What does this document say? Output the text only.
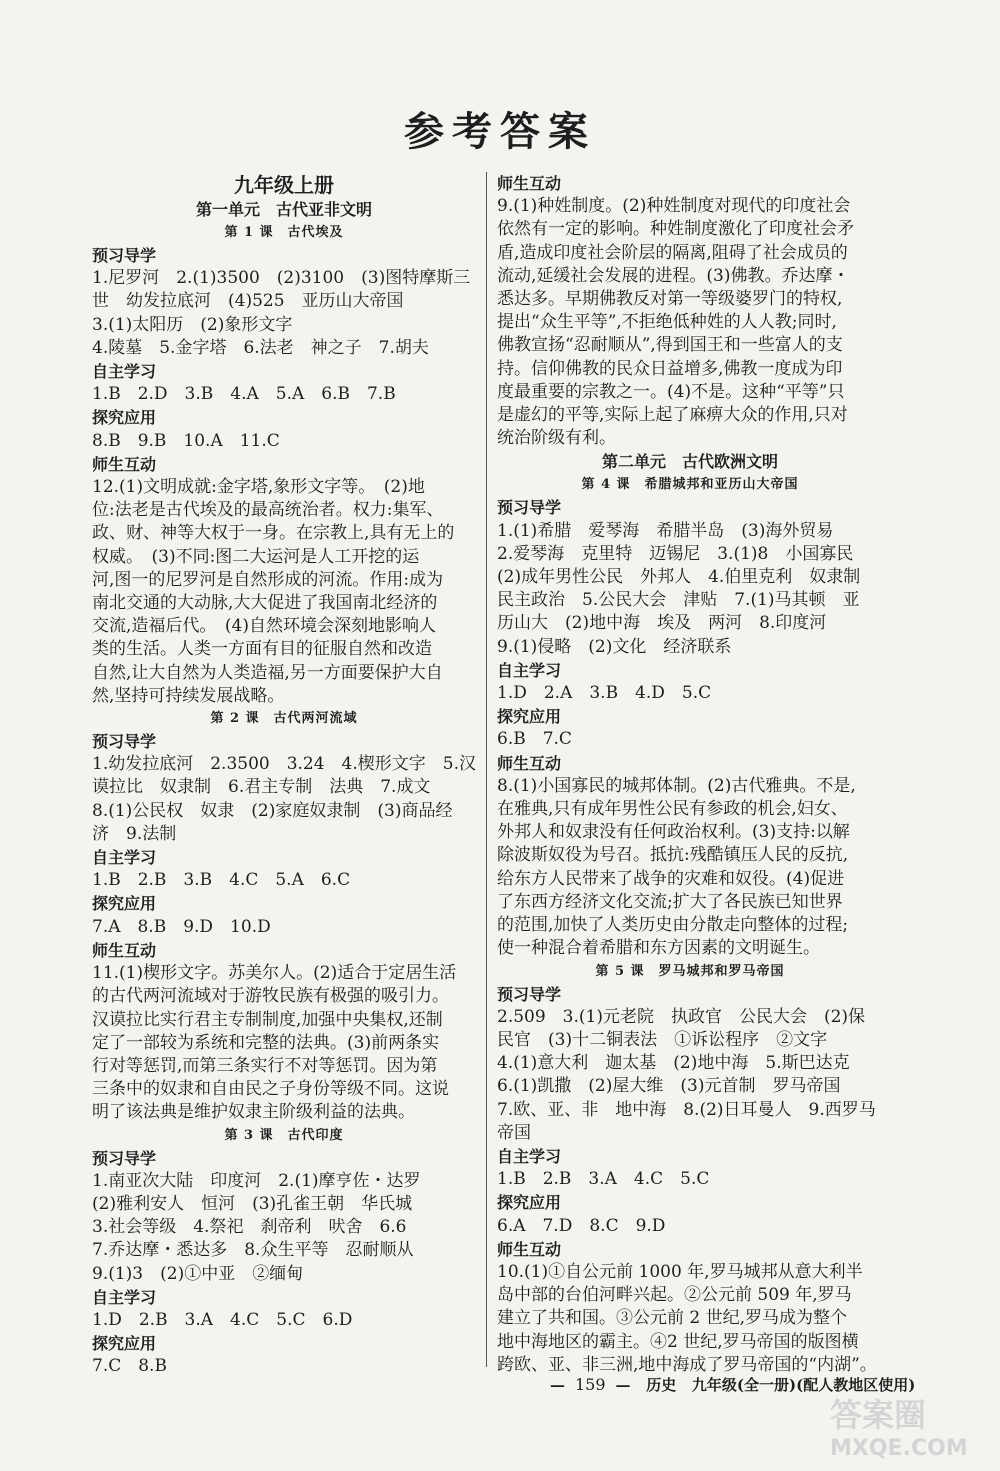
参考答案
九年级上册
第一单元　古代亚非文明
第 1 课　古代埃及
预习导学
1.尼罗河　2.(1)3500　(2)3100　(3)图特摩斯三
世　幼发拉底河　(4)525　亚历山大帝国
3.(1)太阳历　(2)象形文字
4.陵墓　5.金字塔　6.法老　神之子　7.胡夫
自主学习
1.B　2.D　3.B　4.A　5.A　6.B　7.B
探究应用
8.B　9.B　10.A　11.C
师生互动
12.(1)文明成就:金字塔,象形文字等。　(2)地
位:法老是古代埃及的最高统治者。权力:集军、
政、财、神等大权于一身。在宗教上,具有无上的
权威。　(3)不同:图二大运河是人工开挖的运
河,图一的尼罗河是自然形成的河流。作用:成为
南北交通的大动脉,大大促进了我国南北经济的
交流,造福后代。　(4)自然环境会深刻地影响人
类的生活。人类一方面有目的征服自然和改造
自然,让大自然为人类造福,另一方面要保护大自
然,坚持可持续发展战略。
第 2 课　古代两河流域
预习导学
1.幼发拉底河　2.3500　3.24　4.楔形文字　5.汉
谟拉比　奴隶制　6.君主专制　法典　7.成文
8.(1)公民权　奴隶　(2)家庭奴隶制　(3)商品经
济　9.法制
自主学习
1.B　2.B　3.B　4.C　5.A　6.C
探究应用
7.A　8.B　9.D　10.D
师生互动
11.(1)楔形文字。苏美尔人。(2)适合于定居生活
的古代两河流域对于游牧民族有极强的吸引力。
汉谟拉比实行君主专制制度,加强中央集权,还制
定了一部较为系统和完整的法典。(3)前两条实
行对等惩罚,而第三条实行不对等惩罚。因为第
三条中的奴隶和自由民之子身份等级不同。这说
明了该法典是维护奴隶主阶级利益的法典。
第 3 课　古代印度
预习导学
1.南亚次大陆　印度河　2.(1)摩亨佐・达罗
(2)雅利安人　恒河　(3)孔雀王朝　华氏城
3.社会等级　4.祭祀　刹帝利　吠舍　6.6
7.乔达摩・悉达多　8.众生平等　忍耐顺从
9.(1)3　(2)①中亚　②缅甸
自主学习
1.D　2.B　3.A　4.C　5.C　6.D
探究应用
7.C　8.B
师生互动
9.(1)种姓制度。(2)种姓制度对现代的印度社会
依然有一定的影响。种姓制度激化了印度社会矛
盾,造成印度社会阶层的隔离,阻碍了社会成员的
流动,延缓社会发展的进程。(3)佛教。乔达摩・
悉达多。早期佛教反对第一等级婆罗门的特权,
提出“众生平等”,不拒绝低种姓的人人教;同时,
佛教宣扬“忍耐顺从”,得到国王和一些富人的支
持。信仰佛教的民众日益增多,佛教一度成为印
度最重要的宗教之一。(4)不是。这种“平等”只
是虚幻的平等,实际上起了麻痹大众的作用,只对
统治阶级有利。
第二单元　古代欧洲文明
第 4 课　希腊城邦和亚历山大帝国
预习导学
1.(1)希腊　爱琴海　希腊半岛　(3)海外贸易
2.爱琴海　克里特　迈锡尼　3.(1)8　小国寡民
(2)成年男性公民　外邦人　4.伯里克利　奴隶制
民主政治　5.公民大会　津贴　7.(1)马其顿　亚
历山大　(2)地中海　埃及　两河　8.印度河
9.(1)侵略　(2)文化　经济联系
自主学习
1.D　2.A　3.B　4.D　5.C
探究应用
6.B　7.C
师生互动
8.(1)小国寡民的城邦体制。(2)古代雅典。不是,
在雅典,只有成年男性公民有参政的机会,妇女、
外邦人和奴隶没有任何政治权利。(3)支持:以解
除波斯奴役为号召。抵抗:残酷镇压人民的反抗,
给东方人民带来了战争的灾难和奴役。(4)促进
了东西方经济文化交流;扩大了各民族已知世界
的范围,加快了人类历史由分散走向整体的过程;
使一种混合着希腊和东方因素的文明诞生。
第 5 课　罗马城邦和罗马帝国
预习导学
2.509　3.(1)元老院　执政官　公民大会　(2)保
民官　(3)十二铜表法　①诉讼程序　②文字
4.(1)意大利　迦太基　(2)地中海　5.斯巴达克
6.(1)凯撒　(2)屋大维　(3)元首制　罗马帝国
7.欧、亚、非　地中海　8.(2)日耳曼人　9.西罗马
帝国
自主学习
1.B　2.B　3.A　4.C　5.C
探究应用
6.A　7.D　8.C　9.D
师生互动
10.(1)①自公元前 1000 年,罗马城邦从意大利半
岛中部的台伯河畔兴起。②公元前 509 年,罗马
建立了共和国。③公元前 2 世纪,罗马成为整个
地中海地区的霸主。④2 世纪,罗马帝国的版图横
跨欧、亚、非三洲,地中海成了罗马帝国的“内湖”。
— 159 — 历史 九年级(全一册)(配人教地区使用)
答案圈
MXQE.COM
